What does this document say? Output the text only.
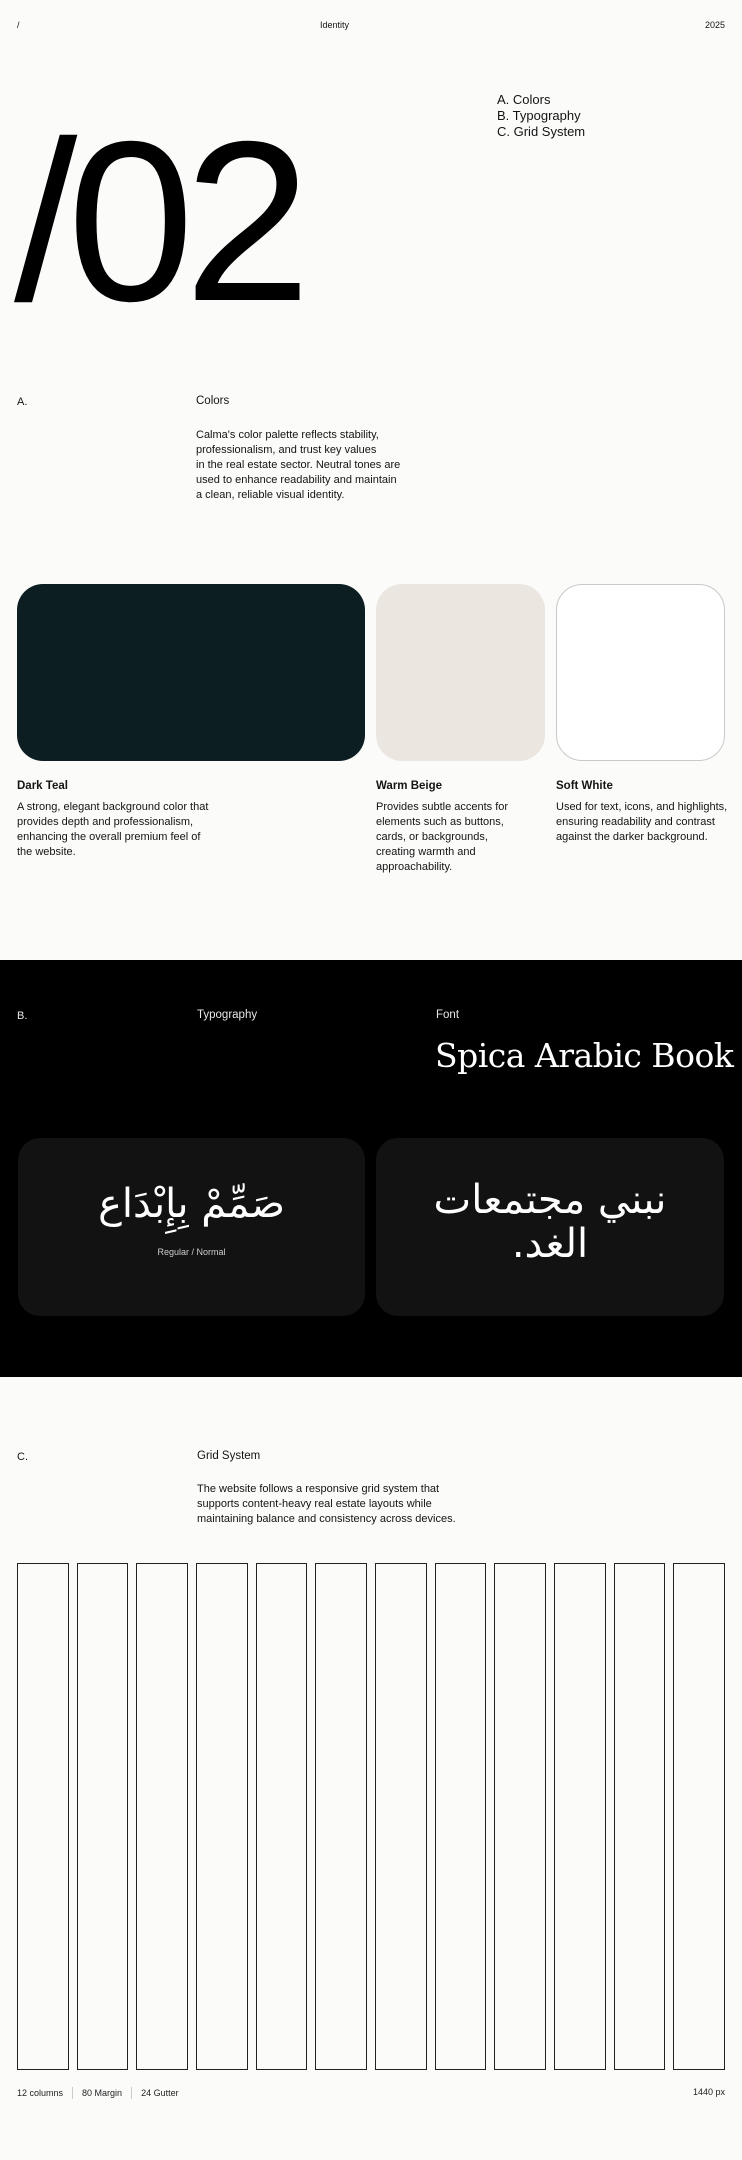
/	Identity	2025
/02	A. Colors
B. Typography
C. Grid System
A.	Colors
Calma's color palette reflects stability,
professionalism, and trust key values
in the real estate sector. Neutral tones are
used to enhance readability and maintain
a clean, reliable visual identity.
Dark Teal
A strong, elegant background color that
provides depth and professionalism,
enhancing the overall premium feel of
the website.
Warm Beige
Provides subtle accents for
elements such as buttons,
cards, or backgrounds,
creating warmth and
approachability.
Soft White
Used for text, icons, and highlights,
ensuring readability and contrast
against the darker background.
B.	Typography	Font
Spica Arabic Book
صَمِّمْ بِإِبْدَاع
Regular / Normal
نبني مجتمعات
الغد.
C.	Grid System
The website follows a responsive grid system that
supports content-heavy real estate layouts while
maintaining balance and consistency across devices.
12 columns 80 Margin 24 Gutter	1440 px
